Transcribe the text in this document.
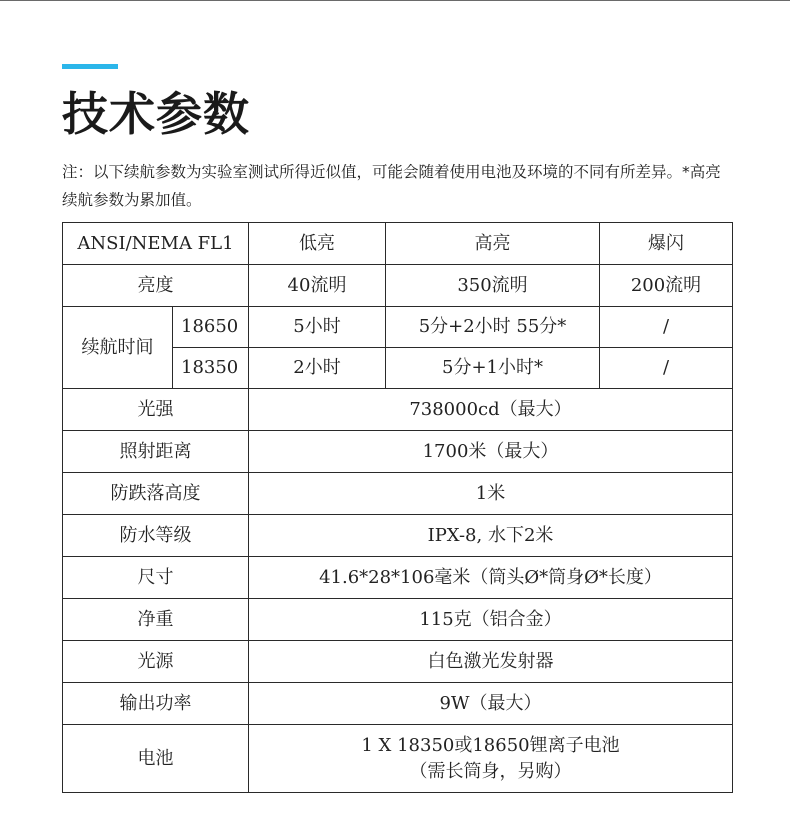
技术参数

注：以下续航参数为实验室测试所得近似值，可能会随着使用电池及环境的不同有所差异。*高亮续航参数为累加值。

ANSI/NEMA FL1		低亮	高亮	爆闪
亮度		40流明	350流明	200流明
续航时间	18650	5小时	5分+2小时 55分*	/
	18350	2小时	5分+1小时*	/
光强		738000cd（最大）		
照射距离		1700米（最大）		
防跌落高度		1米		
防水等级		IPX-8, 水下2米		
尺寸		41.6*28*106毫米（筒头Ø*筒身Ø*长度）		
净重		115克（铝合金）		
光源		白色激光发射器		
输出功率		9W（最大）		
电池		1 X 18350或18650锂离子电池
（需长筒身，另购）		
